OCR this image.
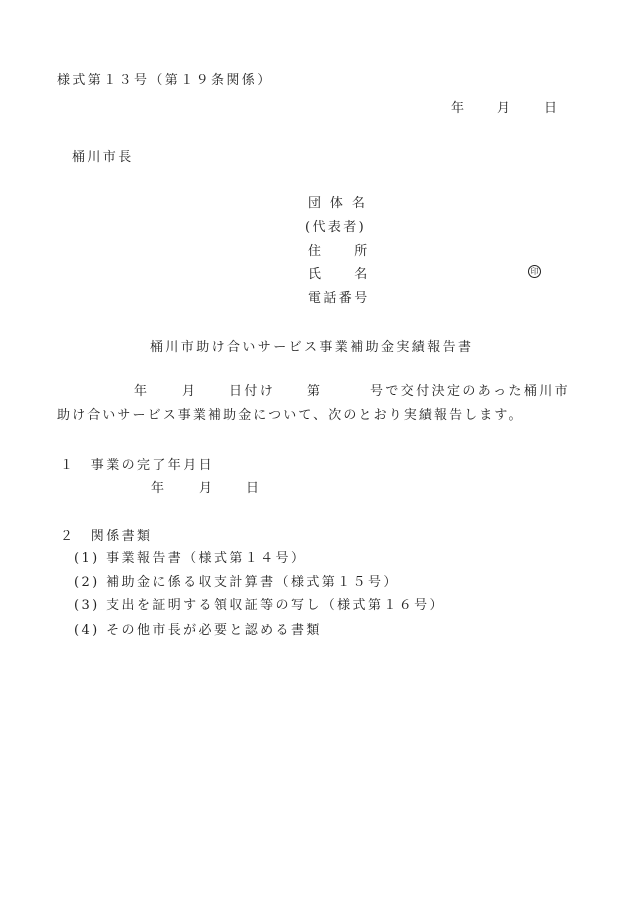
様式第１３号（第１９条関係）
年 月 日
桶川市長
団 体 名
(代表者)
住　　所
氏　　名	印
電話番号
桶川市助け合いサービス事業補助金実績報告書
年	月 日付け 第	号で交付決定のあった桶川市
助け合いサービス事業補助金について、次のとおり実績報告します。
１　事業の完了年月日
年	月 日
２　関係書類
(1) 事業報告書（様式第１４号）
(2) 補助金に係る収支計算書（様式第１５号）
(3) 支出を証明する領収証等の写し（様式第１６号）
(4) その他市長が必要と認める書類
